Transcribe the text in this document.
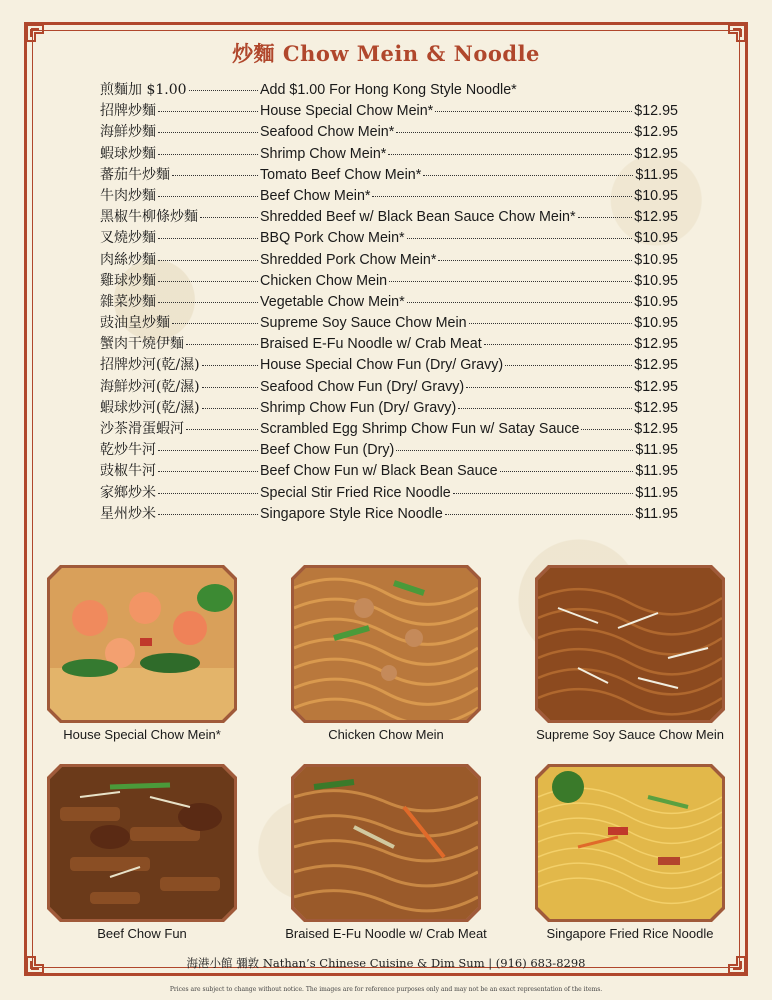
炒麵 Chow Mein & Noodle
煎麵加 $1.00	Add $1.00 For Hong Kong Style Noodle*
招牌炒麵	House Special Chow Mein*	$12.95
海鮮炒麵	Seafood Chow Mein*	$12.95
蝦球炒麵	Shrimp Chow Mein*	$12.95
蕃茄牛炒麵	Tomato Beef Chow Mein*	$11.95
牛肉炒麵	Beef Chow Mein*	$10.95
黑椒牛柳條炒麵	Shredded Beef w/ Black Bean Sauce Chow Mein*	$12.95
叉燒炒麵	BBQ Pork Chow Mein*	$10.95
肉絲炒麵	Shredded Pork Chow Mein*	$10.95
雞球炒麵	Chicken Chow Mein	$10.95
雜菜炒麵	Vegetable Chow Mein*	$10.95
豉油皇炒麵	Supreme Soy Sauce Chow Mein	$10.95
蟹肉干燒伊麵	Braised E-Fu Noodle w/ Crab Meat	$12.95
招牌炒河(乾/濕)	House Special Chow Fun (Dry/ Gravy)	$12.95
海鮮炒河(乾/濕)	Seafood Chow Fun (Dry/ Gravy)	$12.95
蝦球炒河(乾/濕)	Shrimp Chow Fun (Dry/ Gravy)	$12.95
沙茶滑蛋蝦河	Scrambled Egg Shrimp Chow Fun w/ Satay Sauce	$12.95
乾炒牛河	Beef Chow Fun (Dry)	$11.95
豉椒牛河	Beef Chow Fun w/ Black Bean Sauce	$11.95
家鄉炒米	Special Stir Fried Rice Noodle	$11.95
星州炒米	Singapore Style Rice Noodle	$11.95
House Special Chow Mein*	Chicken Chow Mein	Supreme Soy Sauce Chow Mein
Beef Chow Fun	Braised E-Fu Noodle w/ Crab Meat	Singapore Fried Rice Noodle
海港小館 彌敦 Nathan’s Chinese Cuisine & Dim Sum | (916) 683-8298
Prices are subject to change without notice. The images are for reference purposes only and may not be an exact representation of the items.
